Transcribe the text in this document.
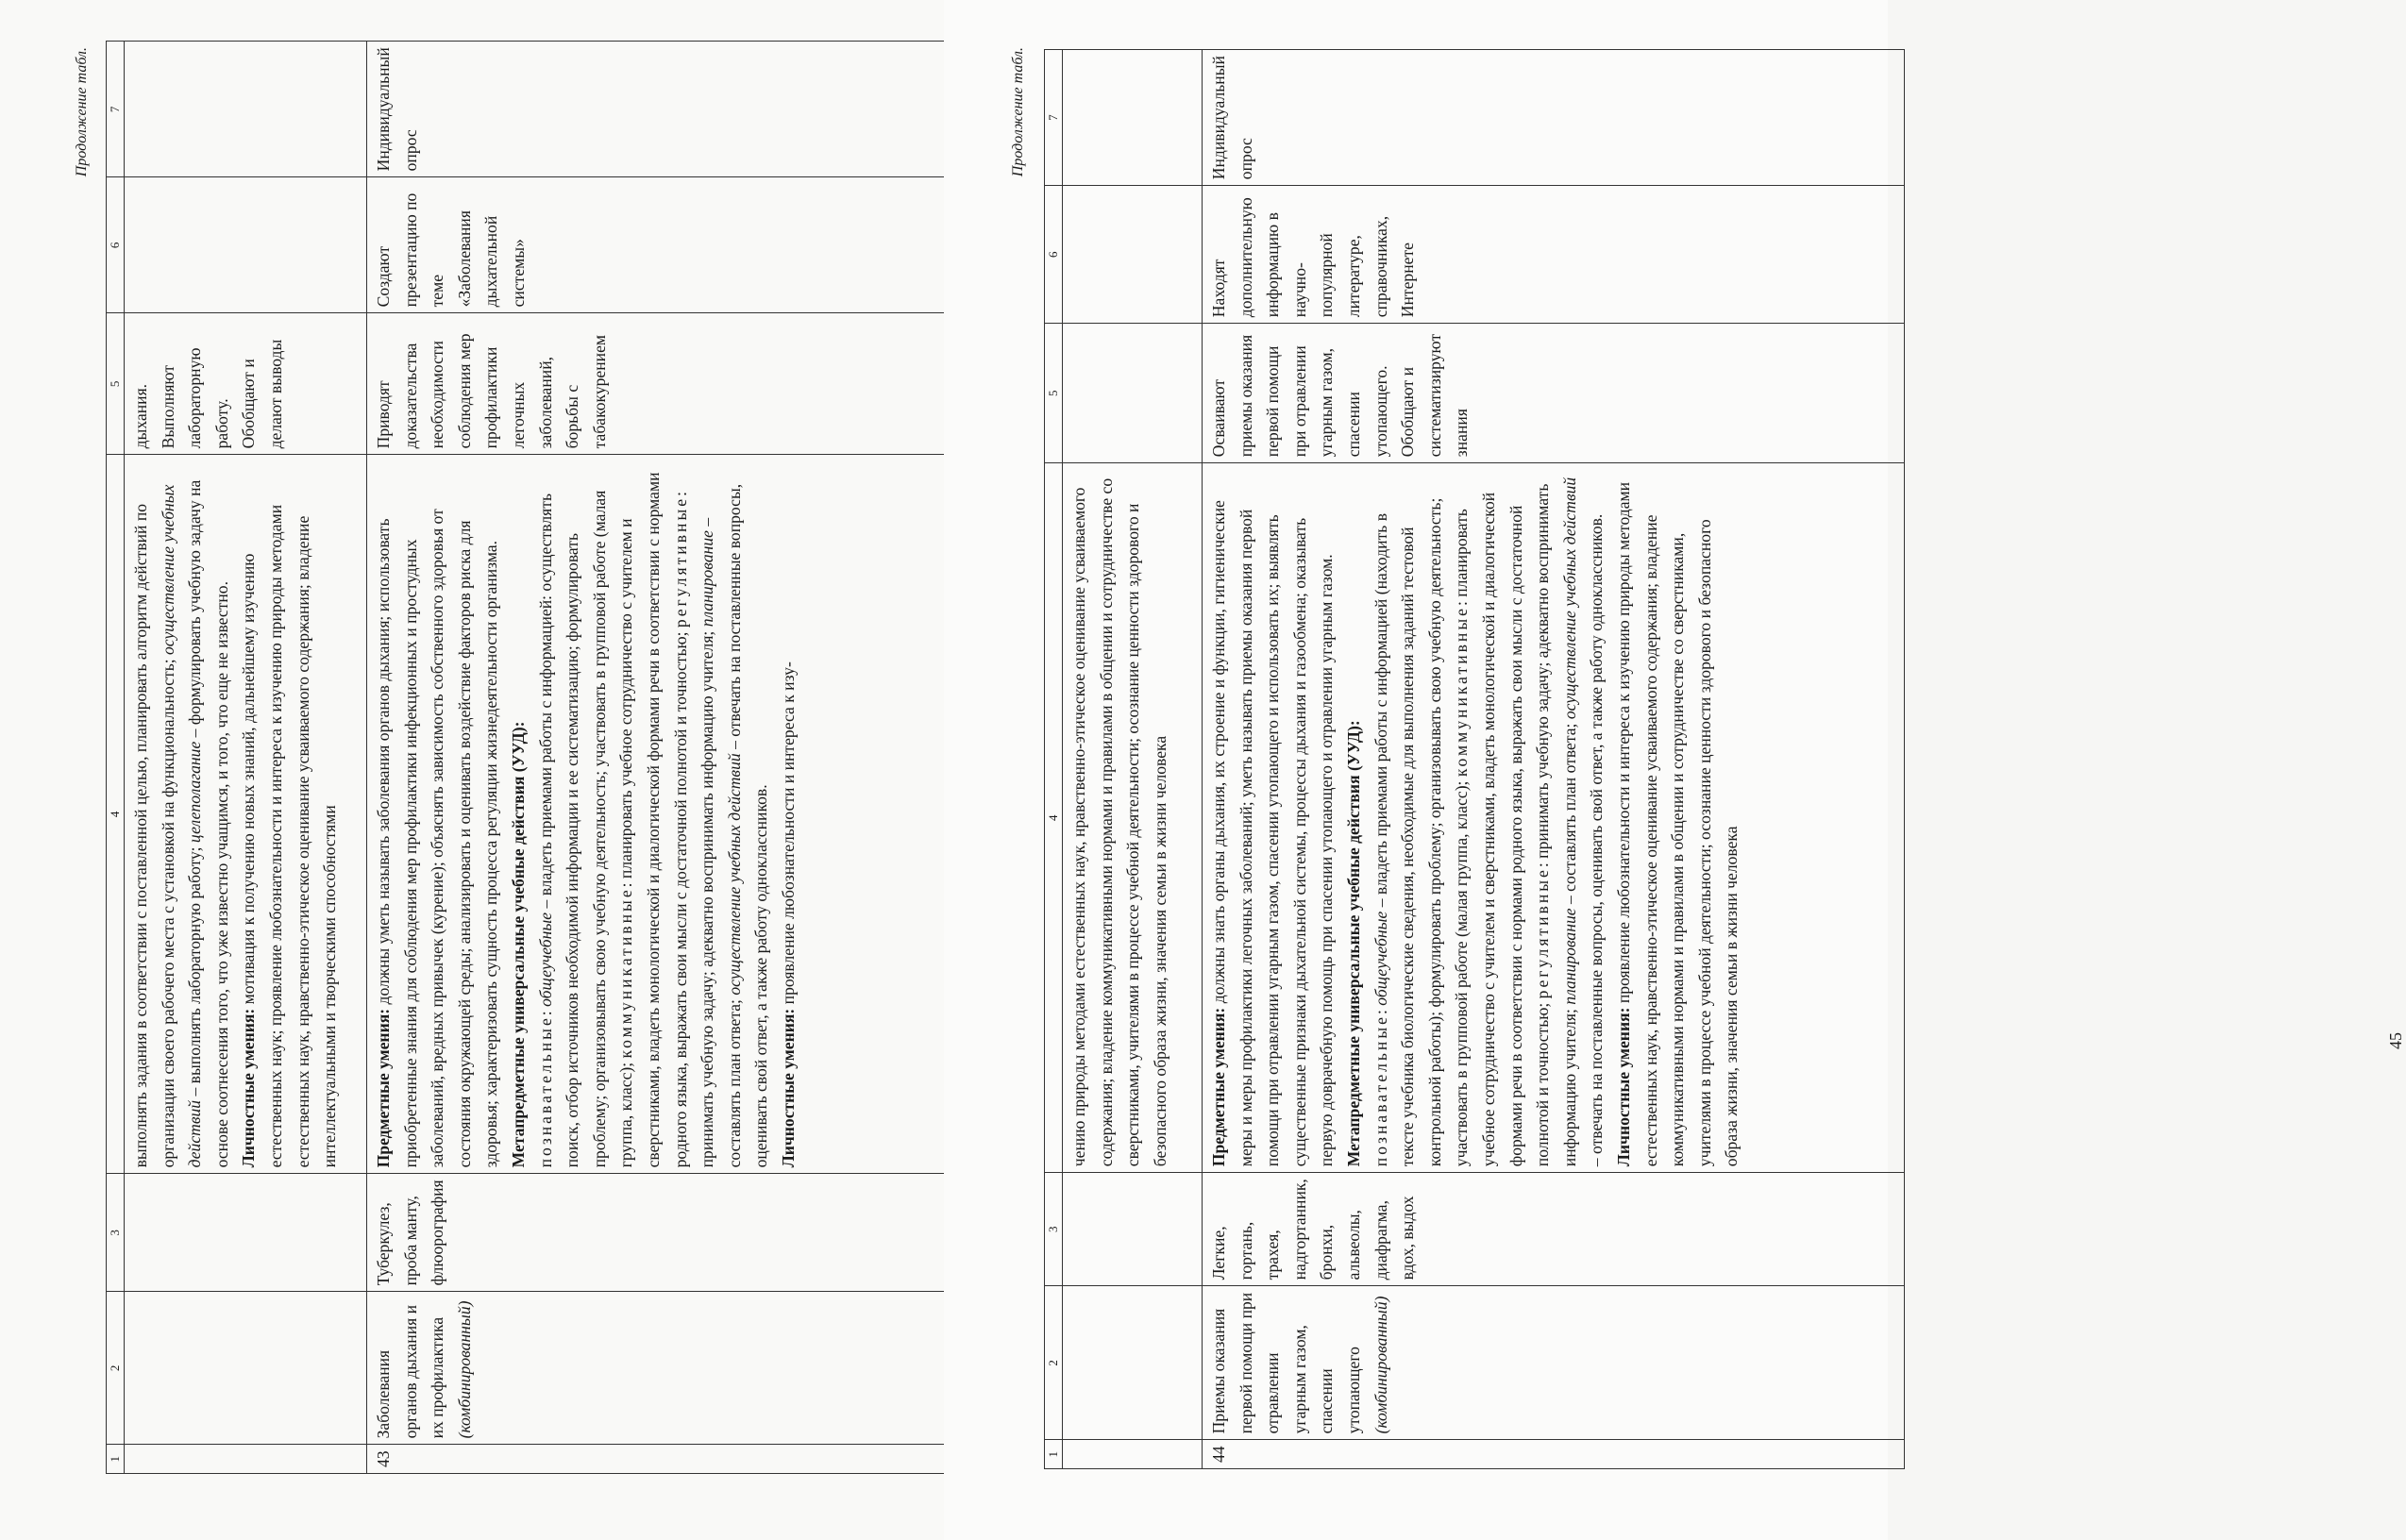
Продолжение табл.
1	2	3	4	5	6	7
			выполнять задания в соответствии с поставленной целью, планировать алгоритм действий по организации своего рабочего места с установкой на функциональность; осуществление учебных действий – выполнять лабораторную работу; целеполагание – формулировать учебную задачу на основе соотнесения того, что уже известно учащимся, и того, что еще не известно. Личностные умения: мотивация к получению новых знаний, дальнейшему изучению естественных наук; проявление любознательности и интереса к изучению природы методами естественных наук, нравственно-этическое оценивание усваиваемого содержания; владение интеллектуальными и творческими способностями	дыхания. Выполняют лабораторную работу. Обобщают и делают выводы		
43	Заболевания органов дыхания и их профилактика (комбинированный)	Туберкулез, проба манту, флюорография	Предметные умения: должны уметь называть заболевания органов дыхания; использовать приобретенные знания для соблюдения мер профилактики инфекционных и простудных заболеваний, вредных привычек (курение); объяснять зависимость собственного здоровья от состояния окружающей среды; анализировать и оценивать воздействие факторов риска для здоровья; характеризовать сущность процесса регуляции жизнедеятельности организма. Метапредметные универсальные учебные действия (УУД): познавательные: общеучебные – владеть приемами работы с информацией: осуществлять поиск, отбор источников необходимой информации и ее систематизацию; формулировать проблему; организовывать свою учебную деятельность; участвовать в групповой работе (малая группа, класс); коммуникативные: планировать учебное сотрудничество с учителем и сверстниками, владеть монологической и диалогической формами речи в соответствии с нормами родного языка, выражать свои мысли с достаточной полнотой и точностью; регулятивные: принимать учебную задачу; адекватно воспринимать информацию учителя; планирование – составлять план ответа; осуществление учебных действий – отвечать на поставленные вопросы, оценивать свой ответ, а также работу одноклассников. Личностные умения: проявление любознательности и интереса к изу-	Приводят доказательства необходимости соблюдения мер профилактики легочных заболеваний, борьбы с табакокурением	Создают презентацию по теме «Заболевания дыхательной системы»	Индивидуальный опрос	Продолжение табл.
45
1	2	3	4	5	6	7
			чению природы методами естественных наук, нравственно-этическое оценивание усваиваемого содержания; владение коммуникативными нормами и правилами в общении и сотрудничестве со сверстниками, учителями в процессе учебной деятельности; осознание ценности здорового и безопасного образа жизни, значения семьи в жизни человека			
44	Приемы оказания первой помощи при отравлении угарным газом, спасении утопающего (комбинированный)	Легкие, гортань, трахея, надгортанник, бронхи, альвеолы, диафрагма, вдох, выдох	Предметные умения: должны знать органы дыхания, их строение и функции, гигиенические меры и меры профилактики легочных заболеваний; уметь называть приемы оказания первой помощи при отравлении угарным газом, спасении утопающего и использовать их; выявлять существенные признаки дыхательной системы, процессы дыхания и газообмена; оказывать первую доврачебную помощь при спасении утопающего и отравлении угарным газом. Метапредметные универсальные учебные действия (УУД): познавательные: общеучебные – владеть приемами работы с информацией (находить в тексте учебника биологические сведения, необходимые для выполнения заданий тестовой контрольной работы); формулировать проблему; организовывать свою учебную деятельность; участвовать в групповой работе (малая группа, класс); коммуникативные: планировать учебное сотрудничество с учителем и сверстниками, владеть монологической и диалогической формами речи в соответствии с нормами родного языка, выражать свои мысли с достаточной полнотой и точностью; регулятивные: принимать учебную задачу; адекватно воспринимать информацию учителя; планирование – составлять план ответа; осуществление учебных действий – отвечать на поставленные вопросы, оценивать свой ответ, а также работу одноклассников. Личностные умения: проявление любознательности и интереса к изучению природы методами естественных наук, нравственно-этическое оценивание усваиваемого содержания; владение коммуникативными нормами и правилами в общении и сотрудничестве со сверстниками, учителями в процессе учебной деятельности; осознание ценности здорового и безопасного образа жизни, значения семьи в жизни человека	Осваивают приемы оказания первой помощи при отравлении угарным газом, спасении утопающего. Обобщают и систематизируют знания	Находят дополнительную информацию в научно-популярной литературе, справочниках, Интернете	Индивидуальный опрос
